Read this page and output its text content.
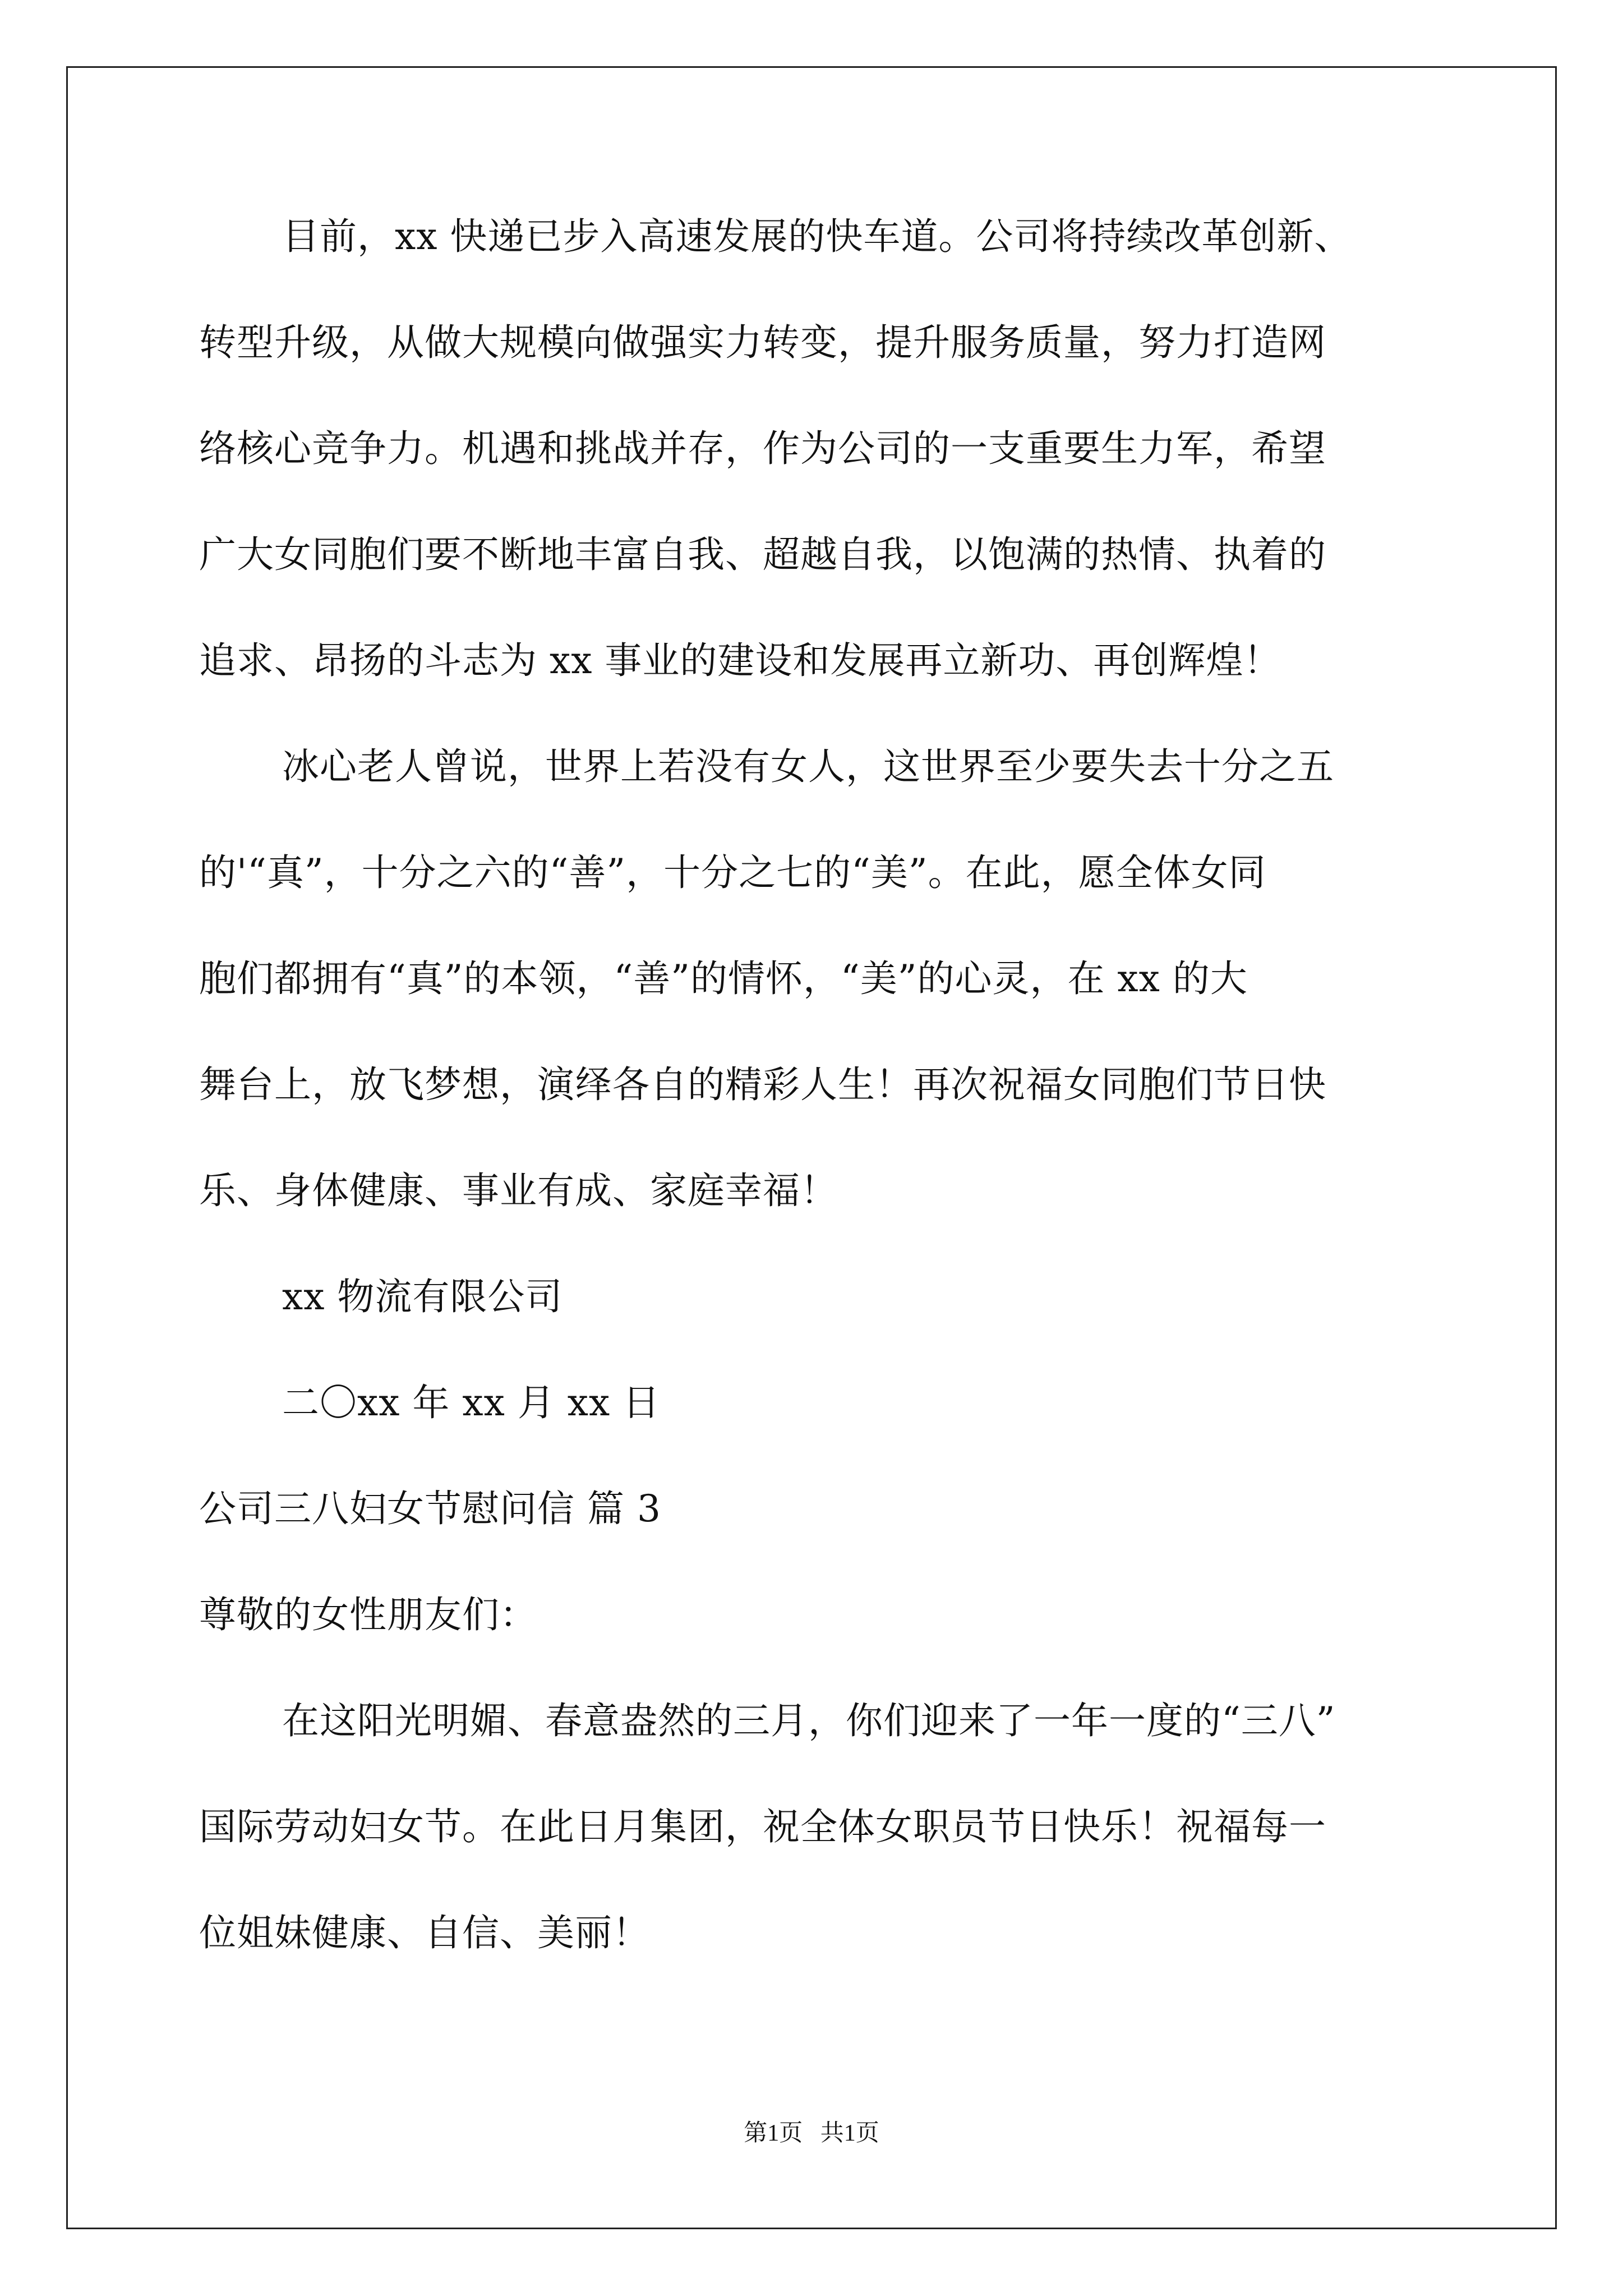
目前，xx 快递已步入高速发展的快车道。公司将持续改革创新、
转型升级，从做大规模向做强实力转变，提升服务质量，努力打造网
络核心竞争力。机遇和挑战并存，作为公司的一支重要生力军，希望
广大女同胞们要不断地丰富自我、超越自我，以饱满的热情、执着的
追求、昂扬的斗志为 xx 事业的建设和发展再立新功、再创辉煌！
冰心老人曾说，世界上若没有女人，这世界至少要失去十分之五
的'“真”，十分之六的“善”，十分之七的“美”。在此，愿全体女同
胞们都拥有“真”的本领，“善”的情怀，“美”的心灵，在 xx 的大
舞台上，放飞梦想，演绎各自的精彩人生！再次祝福女同胞们节日快
乐、身体健康、事业有成、家庭幸福！
xx 物流有限公司
二〇xx 年 xx 月 xx 日
公司三八妇女节慰问信 篇 3
尊敬的女性朋友们：
在这阳光明媚、春意盎然的三月，你们迎来了一年一度的“三八”
国际劳动妇女节。在此日月集团，祝全体女职员节日快乐！祝福每一
位姐妹健康、自信、美丽！
第1页   共1页
